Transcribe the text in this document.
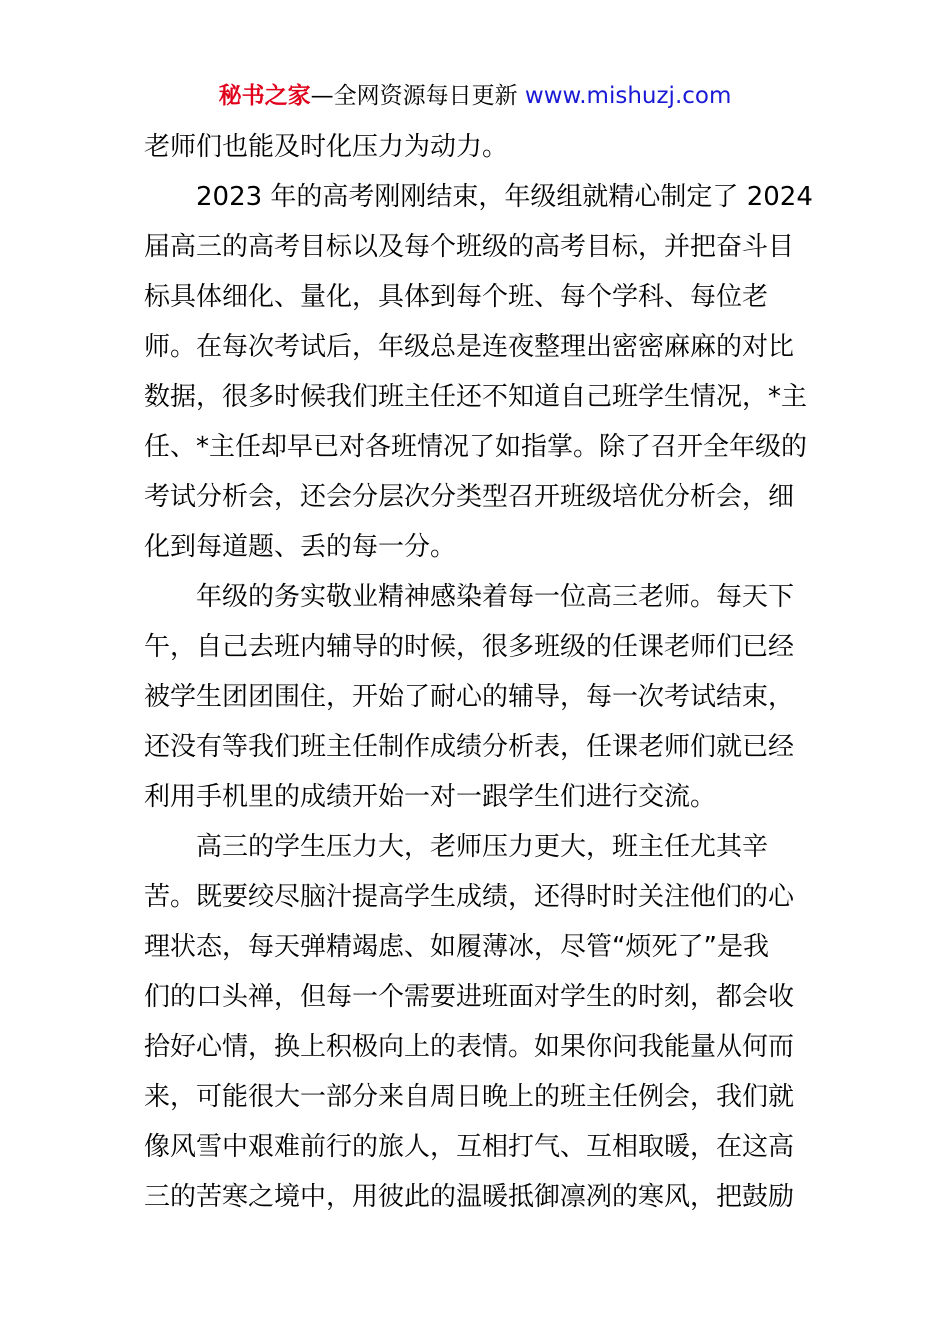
秘书之家—全网资源每日更新 www.mishuzj.com
老师们也能及时化压力为动力。
2023 年的高考刚刚结束，年级组就精心制定了 2024
届高三的高考目标以及每个班级的高考目标，并把奋斗目
标具体细化、量化，具体到每个班、每个学科、每位老
师。在每次考试后，年级总是连夜整理出密密麻麻的对比
数据，很多时候我们班主任还不知道自己班学生情况，*主
任、*主任却早已对各班情况了如指掌。除了召开全年级的
考试分析会，还会分层次分类型召开班级培优分析会，细
化到每道题、丢的每一分。
年级的务实敬业精神感染着每一位高三老师。每天下
午，自己去班内辅导的时候，很多班级的任课老师们已经
被学生团团围住，开始了耐心的辅导，每一次考试结束，
还没有等我们班主任制作成绩分析表，任课老师们就已经
利用手机里的成绩开始一对一跟学生们进行交流。
高三的学生压力大，老师压力更大，班主任尤其辛
苦。既要绞尽脑汁提高学生成绩，还得时时关注他们的心
理状态，每天弹精竭虑、如履薄冰，尽管“烦死了”是我
们的口头禅，但每一个需要进班面对学生的时刻，都会收
拾好心情，换上积极向上的表情。如果你问我能量从何而
来，可能很大一部分来自周日晚上的班主任例会，我们就
像风雪中艰难前行的旅人，互相打气、互相取暖，在这高
三的苦寒之境中，用彼此的温暖抵御凛冽的寒风，把鼓励
